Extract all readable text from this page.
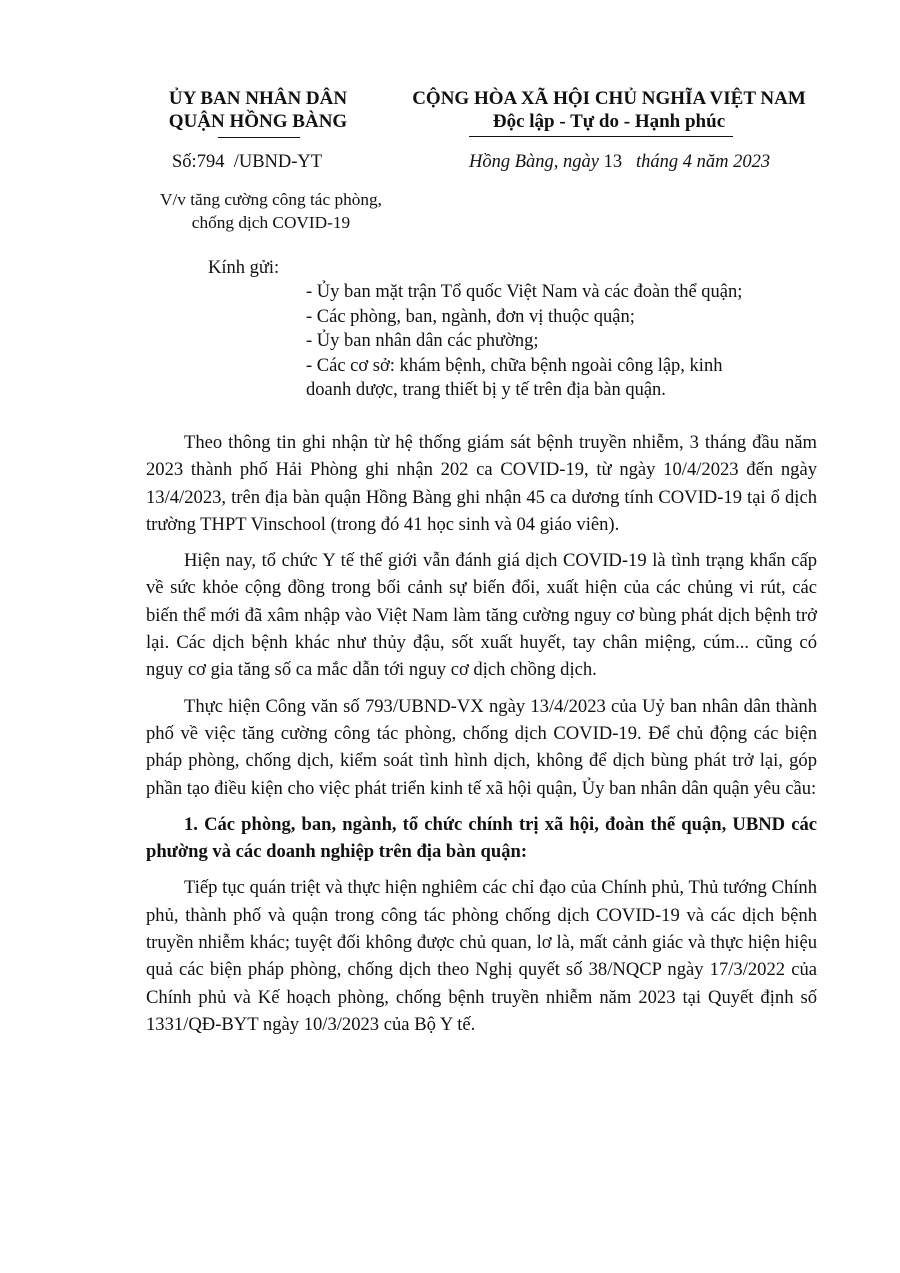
ỦY BAN NHÂN DÂN
QUẬN HỒNG BÀNG
CỘNG HÒA XÃ HỘI CHỦ NGHĨA VIỆT NAM
Độc lập - Tự do - Hạnh phúc
Số:794 /UBND-YT	Hồng Bàng, ngày 13 tháng 4 năm 2023
V/v tăng cường công tác phòng,
chống dịch COVID-19
Kính gửi:
- Ủy ban mặt trận Tổ quốc Việt Nam và các đoàn thể quận;
- Các phòng, ban, ngành, đơn vị thuộc quận;
- Ủy ban nhân dân các phường;
- Các cơ sở: khám bệnh, chữa bệnh ngoài công lập, kinh
doanh dược, trang thiết bị y tế trên địa bàn quận.

Theo thông tin ghi nhận từ hệ thống giám sát bệnh truyền nhiễm, 3 tháng đầu năm 2023 thành phố Hải Phòng ghi nhận 202 ca COVID-19, từ ngày 10/4/2023 đến ngày 13/4/2023, trên địa bàn quận Hồng Bàng ghi nhận 45 ca dương tính COVID-19 tại ổ dịch trường THPT Vinschool (trong đó 41 học sinh và 04 giáo viên).

Hiện nay, tổ chức Y tế thế giới vẫn đánh giá dịch COVID-19 là tình trạng khẩn cấp về sức khỏe cộng đồng trong bối cảnh sự biến đổi, xuất hiện của các chủng vi rút, các biến thể mới đã xâm nhập vào Việt Nam làm tăng cường nguy cơ bùng phát dịch bệnh trở lại. Các dịch bệnh khác như thủy đậu, sốt xuất huyết, tay chân miệng, cúm... cũng có nguy cơ gia tăng số ca mắc dẫn tới nguy cơ dịch chồng dịch.

Thực hiện Công văn số 793/UBND-VX ngày 13/4/2023 của Uỷ ban nhân dân thành phố về việc tăng cường công tác phòng, chống dịch COVID-19. Để chủ động các biện pháp phòng, chống dịch, kiểm soát tình hình dịch, không để dịch bùng phát trở lại, góp phần tạo điều kiện cho việc phát triển kinh tế xã hội quận, Ủy ban nhân dân quận yêu cầu:

1. Các phòng, ban, ngành, tổ chức chính trị xã hội, đoàn thể quận, UBND các phường và các doanh nghiệp trên địa bàn quận:

Tiếp tục quán triệt và thực hiện nghiêm các chỉ đạo của Chính phủ, Thủ tướng Chính phủ, thành phố và quận trong công tác phòng chống dịch COVID-19 và các dịch bệnh truyền nhiễm khác; tuyệt đối không được chủ quan, lơ là, mất cảnh giác và thực hiện hiệu quả các biện pháp phòng, chống dịch theo Nghị quyết số 38/NQCP ngày 17/3/2022 của Chính phủ và Kế hoạch phòng, chống bệnh truyền nhiễm năm 2023 tại Quyết định số 1331/QĐ-BYT ngày 10/3/2023 của Bộ Y tế.
